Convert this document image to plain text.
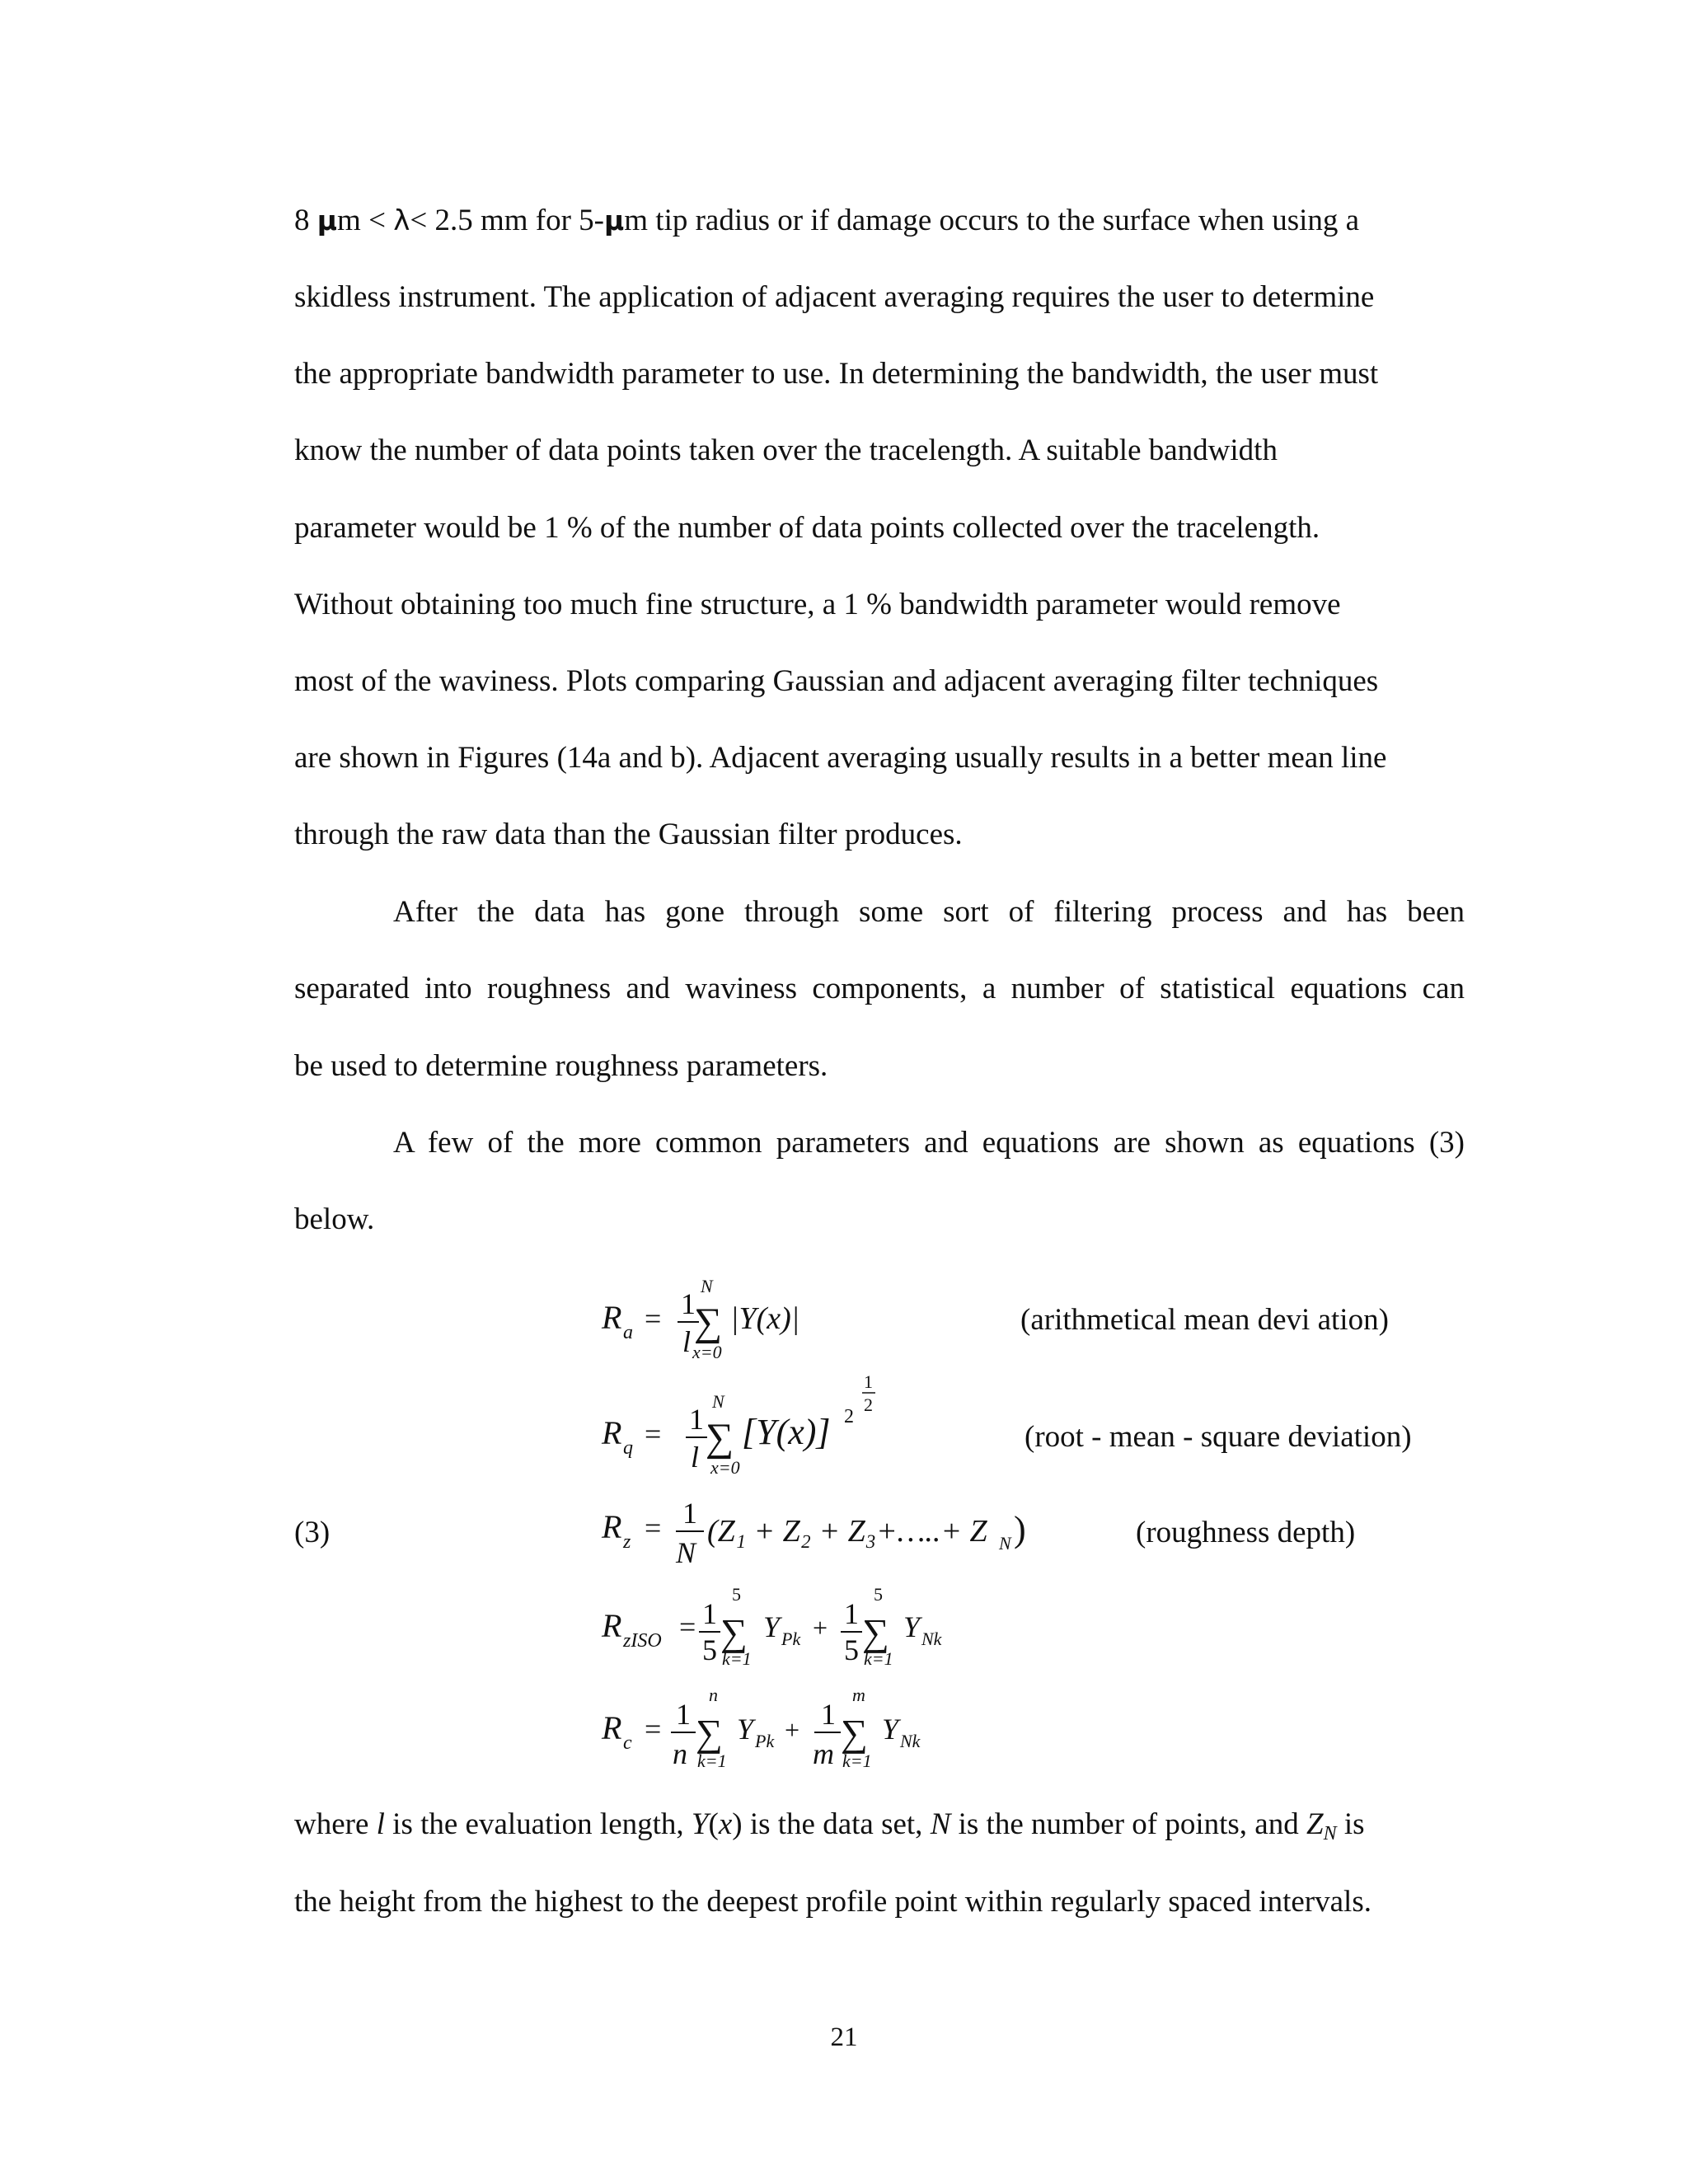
8 µm < λ< 2.5 mm for 5-µm tip radius or if damage occurs to the surface when using a
skidless instrument. The application of adjacent averaging requires the user to determine
the appropriate bandwidth parameter to use. In determining the bandwidth, the user must
know the number of data points taken over the tracelength. A suitable bandwidth
parameter would be 1 % of the number of data points collected over the tracelength.
Without obtaining too much fine structure, a 1 % bandwidth parameter would remove
most of the waviness. Plots comparing Gaussian and adjacent averaging filter techniques
are shown in Figures (14a and b). Adjacent averaging usually results in a better mean line
through the raw data than the Gaussian filter produces.
After the data has gone through some sort of filtering process and has been
separated into roughness and waviness components, a number of statistical equations can
be used to determine roughness parameters.
A few of the more common parameters and equations are shown as equations (3)
below.
(3)
(arithmetical mean devi ation)
(root - mean - square deviation)
(roughness depth)
R a = 1
l
N
∑
x=0
|Y(x)|
R q = 1
l
N
∑
x=0
[Y(x)] 2
1
2
R z = 1
N
(Z₁ + Z₂ + Z₃+…..+ Z N )
R zISO = 1
5
5
∑
k=1
Y Pk + 1
5
5
∑
k=1
Y Nk
R c = 1
n
n
∑
k=1
Y Pk + 1
m
m
∑
k=1
Y Nk
where l is the evaluation length, Y(x) is the data set, N is the number of points, and $Z_N$ is
the height from the highest to the deepest profile point within regularly spaced intervals.
21
